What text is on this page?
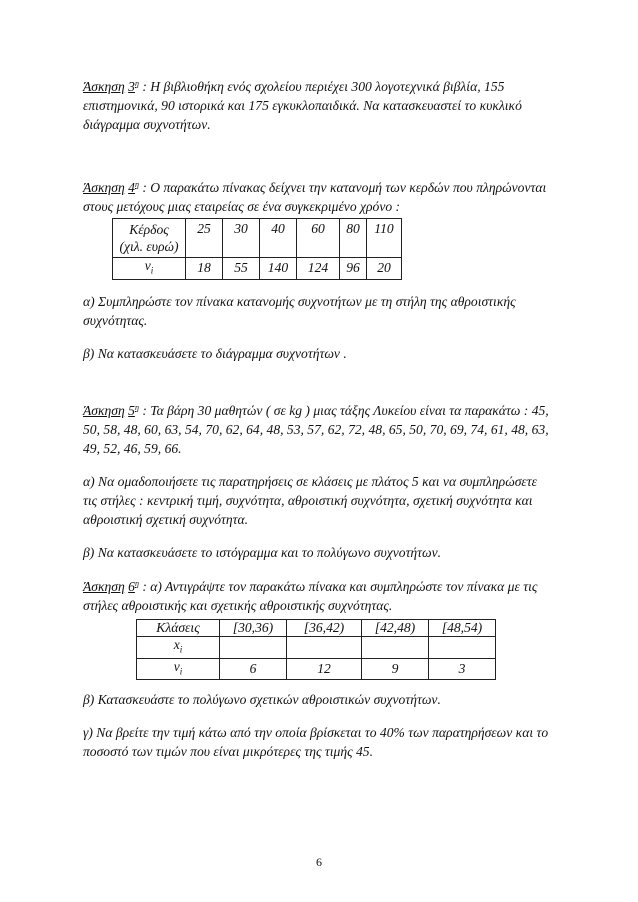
Άσκηση $3^\eta$ : Η βιβλιοθήκη ενός σχολείου περιέχει 300 λογοτεχνικά βιβλία, 155 επιστημονικά, 90 ιστορικά και 175 εγκυκλοπαιδικά. Να κατασκευαστεί το κυκλικό διάγραμμα συχνοτήτων.

Άσκηση $4^\eta$ : Ο παρακάτω πίνακας δείχνει την κατανομή των κερδών που πληρώνονται στους μετόχους μιας εταιρείας σε ένα συγκεκριμένο χρόνο :

Κέρδος
(χιλ. ευρώ)	25	30	40	60	80	110
$\nu_i$	18	55	140	124	96	20

α) Συμπληρώστε τον πίνακα κατανομής συχνοτήτων με τη στήλη της αθροιστικής συχνότητας.

β) Να κατασκευάσετε το διάγραμμα συχνοτήτων .

Άσκηση $5^\eta$ : Τα βάρη 30 μαθητών ( σε kg ) μιας τάξης Λυκείου είναι τα παρακάτω : 45, 50, 58, 48, 60, 63, 54, 70, 62, 64, 48, 53, 57, 62, 72, 48, 65, 50, 70, 69, 74, 61, 48, 63, 49, 52, 46, 59, 66.

α) Να ομαδοποιήσετε τις παρατηρήσεις σε κλάσεις με πλάτος 5 και να συμπληρώσετε τις στήλες : κεντρική τιμή, συχνότητα, αθροιστική συχνότητα, σχετική συχνότητα και αθροιστική σχετική συχνότητα.

β) Να κατασκευάσετε το ιστόγραμμα και το πολύγωνο συχνοτήτων.

Άσκηση $6^\eta$ : α) Αντιγράψτε τον παρακάτω πίνακα και συμπληρώστε τον πίνακα με τις στήλες αθροιστικής και σχετικής αθροιστικής συχνότητας.

Κλάσεις	[30,36)	[36,42)	[42,48)	[48,54)
$x_i$				
$\nu_i$	6	12	9	3

β) Κατασκευάστε το πολύγωνο σχετικών αθροιστικών συχνοτήτων.

γ) Να βρείτε την τιμή κάτω από την οποία βρίσκεται το 40% των παρατηρήσεων και το ποσοστό των τιμών που είναι μικρότερες της τιμής 45.

6
